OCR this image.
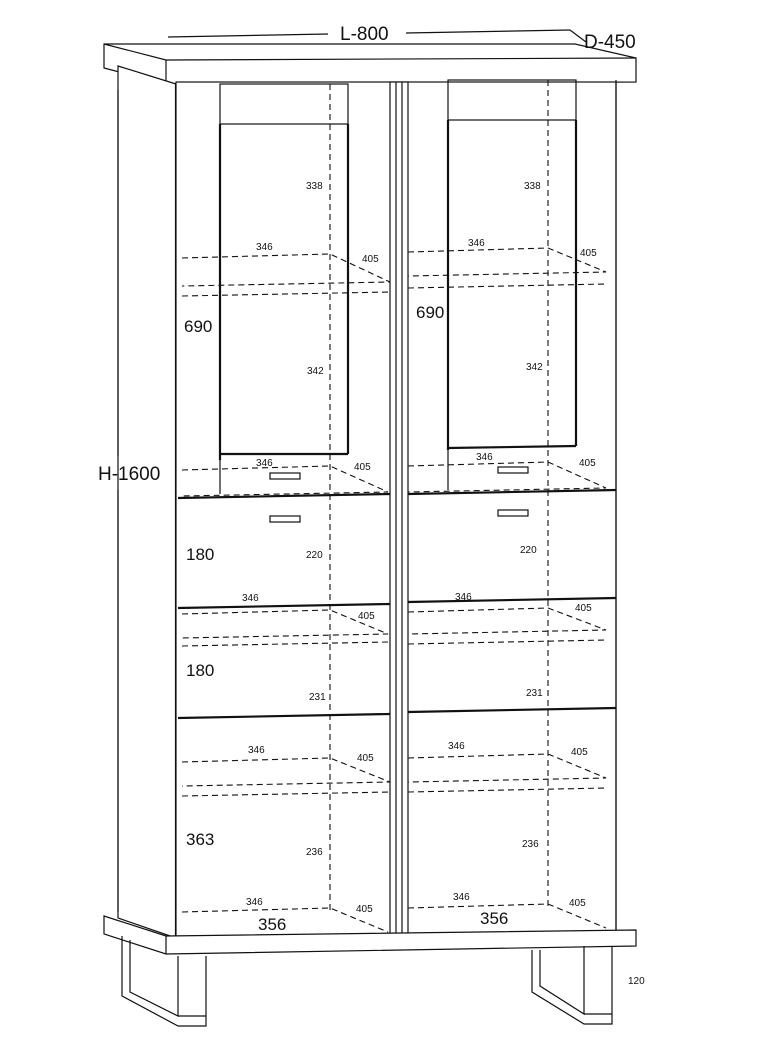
L-800	D-450
H-1600
120
690
338
342
346
405
346	405
180	220
346
405
180
231
346
405
363
236
346
405
356
690
338
342
346
405
346
405
220
346
405
231
346
405
236
346
405
356
